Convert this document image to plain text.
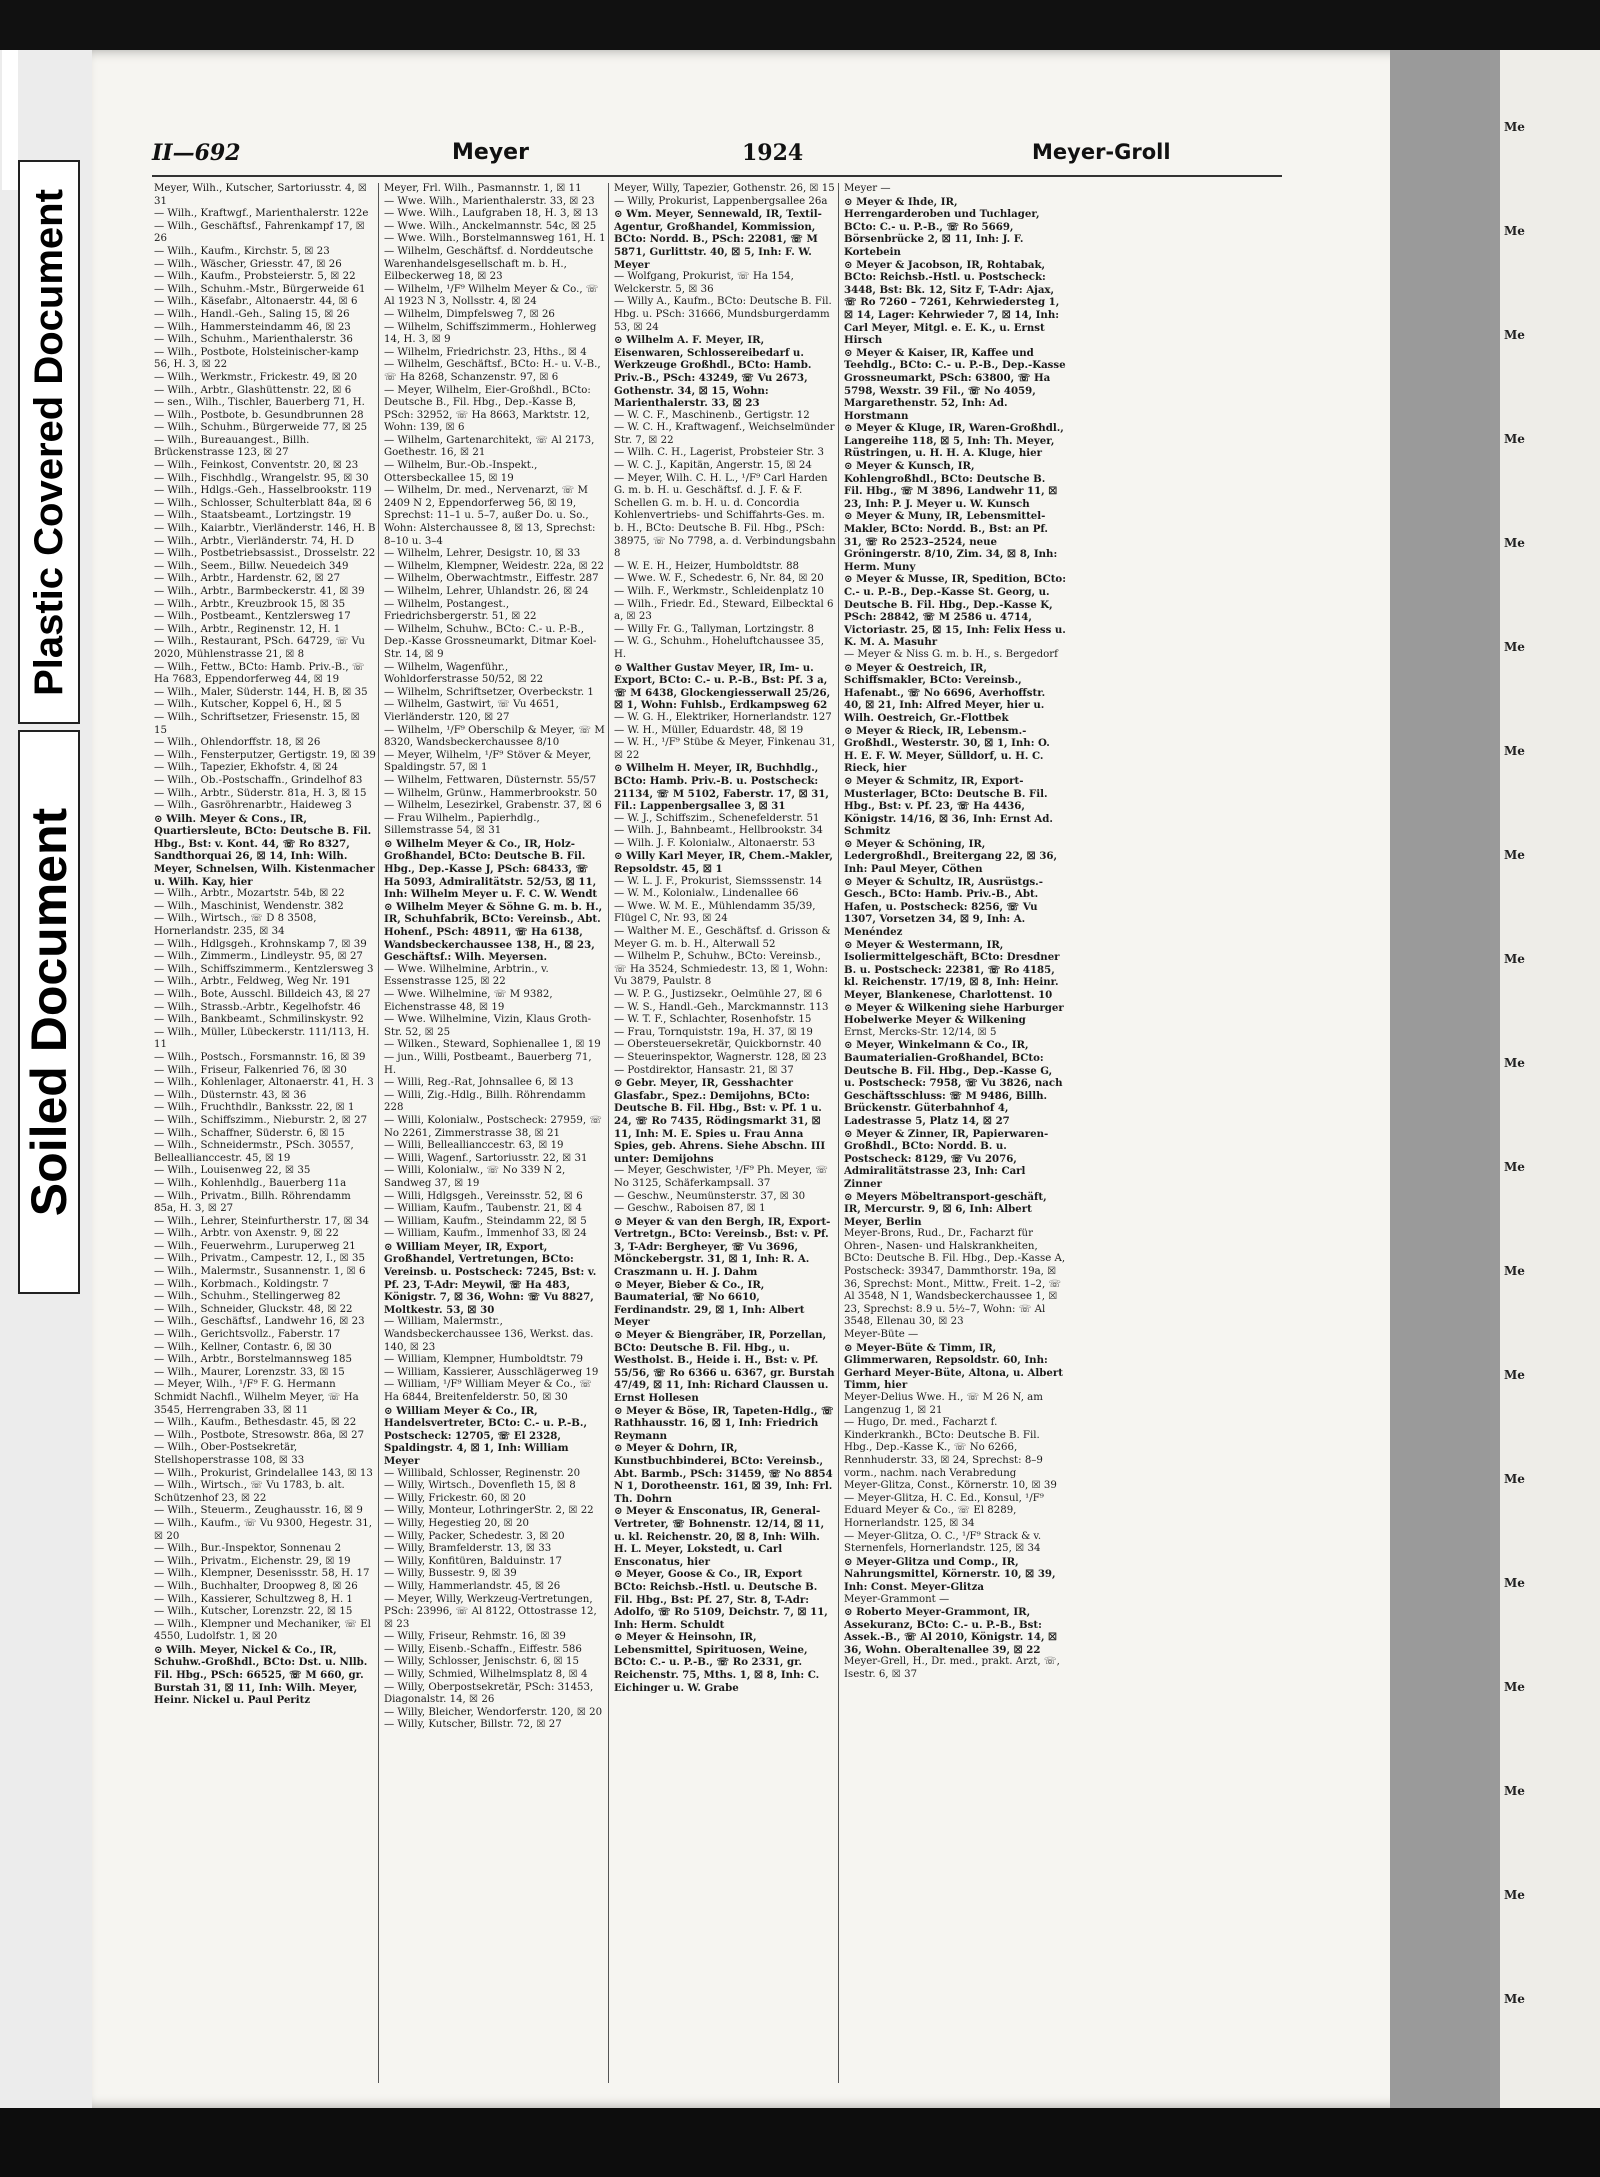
Plastic Covered Document
Soiled Document
II—692	Meyer	1924	Meyer-Groll

Meyer, Wilh., Kutscher, Sartoriusstr. 4, ☒ 31

— Wilh., Kraftwgf., Marienthalerstr. 122e

— Wilh., Geschäftsf., Fahrenkampf 17, ☒ 26

— Wilh., Kaufm., Kirchstr. 5, ☒ 23

— Wilh., Wäscher, Griesstr. 47, ☒ 26

— Wilh., Kaufm., Probsteierstr. 5, ☒ 22

— Wilh., Schuhm.-Mstr., Bürgerweide 61

— Wilh., Käsefabr., Altonaerstr. 44, ☒ 6

— Wilh., Handl.-Geh., Saling 15, ☒ 26

— Wilh., Hammersteindamm 46, ☒ 23

— Wilh., Schuhm., Marienthalerstr. 36

— Wilh., Postbote, Holsteinischer-kamp 56, H. 3, ☒ 22

— Wilh., Werkmstr., Frickestr. 49, ☒ 20

— Wilh., Arbtr., Glashüttenstr. 22, ☒ 6

— sen., Wilh., Tischler, Bauerberg 71, H.

— Wilh., Postbote, b. Gesundbrunnen 28

— Wilh., Schuhm., Bürgerweide 77, ☒ 25

— Wilh., Bureauangest., Billh. Brückenstrasse 123, ☒ 27

— Wilh., Feinkost, Conventstr. 20, ☒ 23

— Wilh., Fischhdlg., Wrangelstr. 95, ☒ 30

— Wilh., Hdlgs.-Geh., Hasselbrookstr. 119

— Wilh., Schlosser, Schulterblatt 84a, ☒ 6

— Wilh., Staatsbeamt., Lortzingstr. 19

— Wilh., Kaiarbtr., Vierländerstr. 146, H. B

— Wilh., Arbtr., Vierländerstr. 74, H. D

— Wilh., Postbetriebsassist., Drosselstr. 22

— Wilh., Seem., Billw. Neuedeich 349

— Wilh., Arbtr., Hardenstr. 62, ☒ 27

— Wilh., Arbtr., Barmbeckerstr. 41, ☒ 39

— Wilh., Arbtr., Kreuzbrook 15, ☒ 35

— Wilh., Postbeamt., Kentzlersweg 17

— Wilh., Arbtr., Reginenstr. 12, H. 1

— Wilh., Restaurant, PSch. 64729, ☏ Vu 2020, Mühlenstrasse 21, ☒ 8

— Wilh., Fettw., BCto: Hamb. Priv.-B., ☏ Ha 7683, Eppendorferweg 44, ☒ 19

— Wilh., Maler, Süderstr. 144, H. B, ☒ 35

— Wilh., Kutscher, Koppel 6, H., ☒ 5

— Wilh., Schriftsetzer, Friesenstr. 15, ☒ 15

— Wilh., Ohlendorffstr. 18, ☒ 26

— Wilh., Fensterputzer, Gertigstr. 19, ☒ 39

— Wilh., Tapezier, Ekhofstr. 4, ☒ 24

— Wilh., Ob.-Postschaffn., Grindelhof 83

— Wilh., Arbtr., Süderstr. 81a, H. 3, ☒ 15

— Wilh., Gasröhrenarbtr., Haideweg 3

⊙ Wilh. Meyer & Cons., IR, Quartiersleute, BCto: Deutsche B. Fil. Hbg., Bst: v. Kont. 44, ☏ Ro 8327, Sandthorquai 26, ☒ 14, Inh: Wilh. Meyer, Schnelsen, Wilh. Kistenmacher u. Wilh. Kay, hier

— Wilh., Arbtr., Mozartstr. 54b, ☒ 22

— Wilh., Maschinist, Wendenstr. 382

— Wilh., Wirtsch., ☏ D 8 3508, Hornerlandstr. 235, ☒ 34

— Wilh., Hdlgsgeh., Krohnskamp 7, ☒ 39

— Wilh., Zimmerm., Lindleystr. 95, ☒ 27

— Wilh., Schiffszimmerm., Kentzlersweg 3

— Wilh., Arbtr., Feldweg, Weg Nr. 191

— Wilh., Bote, Ausschl. Billdeich 43, ☒ 27

— Wilh., Strassb.-Arbtr., Kegelhofstr. 46

— Wilh., Bankbeamt., Schmilinskystr. 92

— Wilh., Müller, Lübeckerstr. 111/113, H. 11

— Wilh., Postsch., Forsmannstr. 16, ☒ 39

— Wilh., Friseur, Falkenried 76, ☒ 30

— Wilh., Kohlenlager, Altonaerstr. 41, H. 3

— Wilh., Düsternstr. 43, ☒ 36

— Wilh., Fruchthdlr., Banksstr. 22, ☒ 1

— Wilh., Schiffszimm., Nieburstr. 2, ☒ 27

— Wilh., Schaffner, Süderstr. 6, ☒ 15

— Wilh., Schneidermstr., PSch. 30557, Belleallianccestr. 45, ☒ 19

— Wilh., Louisenweg 22, ☒ 35

— Wilh., Kohlenhdlg., Bauerberg 11a

— Wilh., Privatm., Billh. Röhrendamm 85a, H. 3, ☒ 27

— Wilh., Lehrer, Steinfurtherstr. 17, ☒ 34

— Wilh., Arbtr. von Axenstr. 9, ☒ 22

— Wilh., Feuerwehrm., Luruperweg 21

— Wilh., Privatm., Campestr. 12, I., ☒ 35

— Wilh., Malermstr., Susannenstr. 1, ☒ 6

— Wilh., Korbmach., Koldingstr. 7

— Wilh., Schuhm., Stellingerweg 82

— Wilh., Schneider, Gluckstr. 48, ☒ 22

— Wilh., Geschäftsf., Landwehr 16, ☒ 23

— Wilh., Gerichtsvollz., Faberstr. 17

— Wilh., Kellner, Contastr. 6, ☒ 30

— Wilh., Arbtr., Borstelmannsweg 185

— Wilh., Maurer, Lorenzstr. 33, ☒ 15

— Meyer, Wilh., ¹/F⁹ F. G. Hermann Schmidt Nachfl., Wilhelm Meyer, ☏ Ha 3545, Herrengraben 33, ☒ 11

— Wilh., Kaufm., Bethesdastr. 45, ☒ 22

— Wilh., Postbote, Stresowstr. 86a, ☒ 27

— Wilh., Ober-Postsekretär, Stellshoperstrasse 108, ☒ 33

— Wilh., Prokurist, Grindelallee 143, ☒ 13

— Wilh., Wirtsch., ☏ Vu 1783, b. alt. Schützenhof 23, ☒ 22

— Wilh., Steuerm., Zeughausstr. 16, ☒ 9

— Wilh., Kaufm., ☏ Vu 9300, Hegestr. 31, ☒ 20

— Wilh., Bur.-Inspektor, Sonnenau 2

— Wilh., Privatm., Eichenstr. 29, ☒ 19

— Wilh., Klempner, Desenissstr. 58, H. 17

— Wilh., Buchhalter, Droopweg 8, ☒ 26

— Wilh., Kassierer, Schultzweg 8, H. 1

— Wilh., Kutscher, Lorenzstr. 22, ☒ 15

— Wilh., Klempner und Mechaniker, ☏ El 4550, Ludolfstr. 1, ☒ 20

⊙ Wilh. Meyer, Nickel & Co., IR, Schuhw.-Großhdl., BCto: Dst. u. Nllb. Fil. Hbg., PSch: 66525, ☏ M 660, gr. Burstah 31, ☒ 11, Inh: Wilh. Meyer, Heinr. Nickel u. Paul Peritz

Meyer, Frl. Wilh., Pasmannstr. 1, ☒ 11

— Wwe. Wilh., Marienthalerstr. 33, ☒ 23

— Wwe. Wilh., Laufgraben 18, H. 3, ☒ 13

— Wwe. Wilh., Anckelmannstr. 54c, ☒ 25

— Wwe. Wilh., Borstelmannsweg 161, H. 1

— Wilhelm, Geschäftsf. d. Norddeutsche Warenhandelsgesellschaft m. b. H., Eilbeckerweg 18, ☒ 23

— Wilhelm, ¹/F⁹ Wilhelm Meyer & Co., ☏ Al 1923 N 3, Nollsstr. 4, ☒ 24

— Wilhelm, Dimpfelsweg 7, ☒ 26

— Wilhelm, Schiffszimmerm., Hohlerweg 14, H. 3, ☒ 9

— Wilhelm, Friedrichstr. 23, Hths., ☒ 4

— Wilhelm, Geschäftsf., BCto: H.- u. V.-B., ☏ Ha 8268, Schanzenstr. 97, ☒ 6

— Meyer, Wilhelm, Eier-Großhdl., BCto: Deutsche B., Fil. Hbg., Dep.-Kasse B, PSch: 32952, ☏ Ha 8663, Marktstr. 12, Wohn: 139, ☒ 6

— Wilhelm, Gartenarchitekt, ☏ Al 2173, Goethestr. 16, ☒ 21

— Wilhelm, Bur.-Ob.-Inspekt., Ottersbeckallee 15, ☒ 19

— Wilhelm, Dr. med., Nervenarzt, ☏ M 2409 N 2, Eppendorferweg 56, ☒ 19, Sprechst: 11–1 u. 5–7, außer Do. u. So., Wohn: Alsterchaussee 8, ☒ 13, Sprechst: 8–10 u. 3–4

— Wilhelm, Lehrer, Desigstr. 10, ☒ 33

— Wilhelm, Klempner, Weidestr. 22a, ☒ 22

— Wilhelm, Oberwachtmstr., Eiffestr. 287

— Wilhelm, Lehrer, Uhlandstr. 26, ☒ 24

— Wilhelm, Postangest., Friedrichsbergerstr. 51, ☒ 22

— Wilhelm, Schuhw., BCto: C.- u. P.-B., Dep.-Kasse Grossneumarkt, Ditmar Koel-Str. 14, ☒ 9

— Wilhelm, Wagenführ., Wohldorferstrasse 50/52, ☒ 22

— Wilhelm, Schriftsetzer, Overbeckstr. 1

— Wilhelm, Gastwirt, ☏ Vu 4651, Vierländerstr. 120, ☒ 27

— Wilhelm, ¹/F⁹ Oberschilp & Meyer, ☏ M 8320, Wandsbeckerchaussee 8/10

— Meyer, Wilhelm, ¹/F⁹ Stöver & Meyer, Spaldingstr. 57, ☒ 1

— Wilhelm, Fettwaren, Düsternstr. 55/57

— Wilhelm, Grünw., Hammerbrookstr. 50

— Wilhelm, Lesezirkel, Grabenstr. 37, ☒ 6

— Frau Wilhelm., Papierhdlg., Sillemstrasse 54, ☒ 31

⊙ Wilhelm Meyer & Co., IR, Holz-Großhandel, BCto: Deutsche B. Fil. Hbg., Dep.-Kasse J, PSch: 68433, ☏ Ha 5093, Admiralitätstr. 52/53, ☒ 11, Inh: Wilhelm Meyer u. F. C. W. Wendt

⊙ Wilhelm Meyer & Söhne G. m. b. H., IR, Schuhfabrik, BCto: Vereinsb., Abt. Hohenf., PSch: 48911, ☏ Ha 6138, Wandsbeckerchaussee 138, H., ☒ 23, Geschäftsf.: Wilh. Meyersen.

— Wwe. Wilhelmine, Arbtrin., v. Essenstrasse 125, ☒ 22

— Wwe. Wilhelmine, ☏ M 9382, Eichenstrasse 48, ☒ 19

— Wwe. Wilhelmine, Vizin, Klaus Groth-Str. 52, ☒ 25

— Wilken., Steward, Sophienallee 1, ☒ 19

— jun., Willi, Postbeamt., Bauerberg 71, H.

— Willi, Reg.-Rat, Johnsallee 6, ☒ 13

— Willi, Zig.-Hdlg., Billh. Röhrendamm 228

— Willi, Kolonialw., Postscheck: 27959, ☏ No 2261, Zimmerstrasse 38, ☒ 21

— Willi, Belleallianccestr. 63, ☒ 19

— Willi, Wagenf., Sartoriusstr. 22, ☒ 31

— Willi, Kolonialw., ☏ No 339 N 2, Sandweg 37, ☒ 19

— Willi, Hdlgsgeh., Vereinsstr. 52, ☒ 6

— William, Kaufm., Taubenstr. 21, ☒ 4

— William, Kaufm., Steindamm 22, ☒ 5

— William, Kaufm., Immenhof 33, ☒ 24

⊙ William Meyer, IR, Export, Großhandel, Vertretungen, BCto: Vereinsb. u. Postscheck: 7245, Bst: v. Pf. 23, T-Adr: Meywil, ☏ Ha 483, Königstr. 7, ☒ 36, Wohn: ☏ Vu 8827, Moltkestr. 53, ☒ 30

— William, Malermstr., Wandsbeckerchaussee 136, Werkst. das. 140, ☒ 23

— William, Klempner, Humboldtstr. 79

— William, Kassierer, Ausschlägerweg 19

— William, ¹/F⁹ William Meyer & Co., ☏ Ha 6844, Breitenfelderstr. 50, ☒ 30

⊙ William Meyer & Co., IR, Handelsvertreter, BCto: C.- u. P.-B., Postscheck: 12705, ☏ El 2328, Spaldingstr. 4, ☒ 1, Inh: William Meyer

— Willibald, Schlosser, Reginenstr. 20

— Willy, Wirtsch., Dovenfleth 15, ☒ 8

— Willy, Frickestr. 60, ☒ 20

— Willy, Monteur, LothringerStr. 2, ☒ 22

— Willy, Hegestieg 20, ☒ 20

— Willy, Packer, Schedestr. 3, ☒ 20

— Willy, Bramfelderstr. 13, ☒ 33

— Willy, Konfitüren, Balduinstr. 17

— Willy, Bussestr. 9, ☒ 39

— Willy, Hammerlandstr. 45, ☒ 26

— Meyer, Willy, Werkzeug-Vertretungen, PSch: 23996, ☏ Al 8122, Ottostrasse 12, ☒ 23

— Willy, Friseur, Rehmstr. 16, ☒ 39

— Willy, Eisenb.-Schaffn., Eiffestr. 586

— Willy, Schlosser, Jenischstr. 6, ☒ 15

— Willy, Schmied, Wilhelmsplatz 8, ☒ 4

— Willy, Oberpostsekretär, PSch: 31453, Diagonalstr. 14, ☒ 26

— Willy, Bleicher, Wendorferstr. 120, ☒ 20

— Willy, Kutscher, Billstr. 72, ☒ 27

Meyer, Willy, Tapezier, Gothenstr. 26, ☒ 15

— Willy, Prokurist, Lappenbergsallee 26a

⊙ Wm. Meyer, Sennewald, IR, Textil-Agentur, Großhandel, Kommission, BCto: Nordd. B., PSch: 22081, ☏ M 5871, Gurlittstr. 40, ☒ 5, Inh: F. W. Meyer

— Wolfgang, Prokurist, ☏ Ha 154, Welckerstr. 5, ☒ 36

— Willy A., Kaufm., BCto: Deutsche B. Fil. Hbg. u. PSch: 31666, Mundsburgerdamm 53, ☒ 24

⊙ Wilhelm A. F. Meyer, IR, Eisenwaren, Schlossereibedarf u. Werkzeuge Großhdl., BCto: Hamb. Priv.-B., PSch: 43249, ☏ Vu 2673, Gothenstr. 34, ☒ 15, Wohn: Marienthalerstr. 33, ☒ 23

— W. C. F., Maschinenb., Gertigstr. 12

— W. C. H., Kraftwagenf., Weichselmünder Str. 7, ☒ 22

— Wilh. C. H., Lagerist, Probsteier Str. 3

— W. C. J., Kapitän, Angerstr. 15, ☒ 24

— Meyer, Wilh. C. H. L., ¹/F⁹ Carl Harden G. m. b. H. u. Geschäftsf. d. J. F. & F. Schellen G. m. b. H. u. d. Concordia Kohlenvertriebs- und Schiffahrts-Ges. m. b. H., BCto: Deutsche B. Fil. Hbg., PSch: 38975, ☏ No 7798, a. d. Verbindungsbahn 8

— W. E. H., Heizer, Humboldtstr. 88

— Wwe. W. F., Schedestr. 6, Nr. 84, ☒ 20

— Wilh. F., Werkmstr., Schleidenplatz 10

— Wilh., Friedr. Ed., Steward, Eilbecktal 6 a, ☒ 23

— Willy Fr. G., Tallyman, Lortzingstr. 8

— W. G., Schuhm., Hoheluftchaussee 35, H.

⊙ Walther Gustav Meyer, IR, Im- u. Export, BCto: C.- u. P.-B., Bst: Pf. 3 a, ☏ M 6438, Glockengiesserwall 25/26, ☒ 1, Wohn: Fuhlsb., Erdkampsweg 62

— W. G. H., Elektriker, Hornerlandstr. 127

— W. H., Müller, Eduardstr. 48, ☒ 19

— W. H., ¹/F⁹ Stübe & Meyer, Finkenau 31, ☒ 22

⊙ Wilhelm H. Meyer, IR, Buchhdlg., BCto: Hamb. Priv.-B. u. Postscheck: 21134, ☏ M 5102, Faberstr. 17, ☒ 31, Fil.: Lappenbergsallee 3, ☒ 31

— W. J., Schiffszim., Schenefelderstr. 51

— Wilh. J., Bahnbeamt., Hellbrookstr. 34

— Wilh. J. F. Kolonialw., Altonaerstr. 53

⊙ Willy Karl Meyer, IR, Chem.-Makler, Repsoldstr. 45, ☒ 1

— W. L. J. F., Prokurist, Siemsssenstr. 14

— W. M., Kolonialw., Lindenallee 66

— Wwe. W. M. E., Mühlendamm 35/39, Flügel C, Nr. 93, ☒ 24

— Walther M. E., Geschäftsf. d. Grisson & Meyer G. m. b. H., Alterwall 52

— Wilhelm P., Schuhw., BCto: Vereinsb., ☏ Ha 3524, Schmiedestr. 13, ☒ 1, Wohn: Vu 3879, Paulstr. 8

— W. P. G., Justizsekr., Oelmühle 27, ☒ 6

— W. S., Handl.-Geh., Marckmannstr. 113

— W. T. F., Schlachter, Rosenhofstr. 15

— Frau, Tornquiststr. 19a, H. 37, ☒ 19

— Obersteuersekretär, Quickbornstr. 40

— Steuerinspektor, Wagnerstr. 128, ☒ 23

— Postdirektor, Hansastr. 21, ☒ 37

⊙ Gebr. Meyer, IR, Gesshachter Glasfabr., Spez.: Demijohns, BCto: Deutsche B. Fil. Hbg., Bst: v. Pf. 1 u. 24, ☏ Ro 7435, Rödingsmarkt 31, ☒ 11, Inh: M. E. Spies u. Frau Anna Spies, geb. Ahrens. Siehe Abschn. III unter: Demijohns

— Meyer, Geschwister, ¹/F⁹ Ph. Meyer, ☏ No 3125, Schäferkampsall. 37

— Geschw., Neumünsterstr. 37, ☒ 30

— Geschw., Raboisen 87, ☒ 1

⊙ Meyer & van den Bergh, IR, Export-Vertretgn., BCto: Vereinsb., Bst: v. Pf. 3, T-Adr: Bergheyer, ☏ Vu 3696, Mönckebergstr. 31, ☒ 1, Inh: R. A. Craszmann u. H. J. Dahm

⊙ Meyer, Bieber & Co., IR, Baumaterial, ☏ No 6610, Ferdinandstr. 29, ☒ 1, Inh: Albert Meyer

⊙ Meyer & Biengräber, IR, Porzellan, BCto: Deutsche B. Fil. Hbg., u. Westholst. B., Heide i. H., Bst: v. Pf. 55/56, ☏ Ro 6366 u. 6367, gr. Burstah 47/49, ☒ 11, Inh: Richard Claussen u. Ernst Hollesen

⊙ Meyer & Böse, IR, Tapeten-Hdlg., ☏ Rathhausstr. 16, ☒ 1, Inh: Friedrich Reymann

⊙ Meyer & Dohrn, IR, Kunstbuchbinderei, BCto: Vereinsb., Abt. Barmb., PSch: 31459, ☏ No 8854 N 1, Dorotheenstr. 161, ☒ 39, Inh: Frl. Th. Dohrn

⊙ Meyer & Ensconatus, IR, General-Vertreter, ☏ Bohnenstr. 12/14, ☒ 11, u. kl. Reichenstr. 20, ☒ 8, Inh: Wilh. H. L. Meyer, Lokstedt, u. Carl Ensconatus, hier

⊙ Meyer, Goose & Co., IR, Export BCto: Reichsb.-Hstl. u. Deutsche B. Fil. Hbg., Bst: Pf. 27, Str. 8, T-Adr: Adolfo, ☏ Ro 5109, Deichstr. 7, ☒ 11, Inh: Herm. Schuldt

⊙ Meyer & Heinsohn, IR, Lebensmittel, Spirituosen, Weine, BCto: C.- u. P.-B., ☏ Ro 2331, gr. Reichenstr. 75, Mths. 1, ☒ 8, Inh: C. Eichinger u. W. Grabe

Meyer —

⊙ Meyer & Ihde, IR, Herrengarderoben und Tuchlager, BCto: C.- u. P.-B., ☏ Ro 5669, Börsenbrücke 2, ☒ 11, Inh: J. F. Kortebein

⊙ Meyer & Jacobson, IR, Rohtabak, BCto: Reichsb.-Hstl. u. Postscheck: 3448, Bst: Bk. 12, Sitz F, T-Adr: Ajax, ☏ Ro 7260 – 7261, Kehrwiedersteg 1, ☒ 14, Lager: Kehrwieder 7, ☒ 14, Inh: Carl Meyer, Mitgl. e. E. K., u. Ernst Hirsch

⊙ Meyer & Kaiser, IR, Kaffee und Teehdlg., BCto: C.- u. P.-B., Dep.-Kasse Grossneumarkt, PSch: 63800, ☏ Ha 5798, Wexstr. 39 Fil., ☏ No 4059, Margarethenstr. 52, Inh: Ad. Horstmann

⊙ Meyer & Kluge, IR, Waren-Großhdl., Langereihe 118, ☒ 5, Inh: Th. Meyer, Rüstringen, u. H. H. A. Kluge, hier

⊙ Meyer & Kunsch, IR, Kohlengroßhdl., BCto: Deutsche B. Fil. Hbg., ☏ M 3896, Landwehr 11, ☒ 23, Inh: P. J. Meyer u. W. Kunsch

⊙ Meyer & Muny, IR, Lebensmittel-Makler, BCto: Nordd. B., Bst: an Pf. 31, ☏ Ro 2523–2524, neue Gröningerstr. 8/10, Zim. 34, ☒ 8, Inh: Herm. Muny

⊙ Meyer & Musse, IR, Spedition, BCto: C.- u. P.-B., Dep.-Kasse St. Georg, u. Deutsche B. Fil. Hbg., Dep.-Kasse K, PSch: 28842, ☏ M 2586 u. 4714, Victoriastr. 25, ☒ 15, Inh: Felix Hess u. K. M. A. Masuhr

— Meyer & Niss G. m. b. H., s. Bergedorf

⊙ Meyer & Oestreich, IR, Schiffsmakler, BCto: Vereinsb., Hafenabt., ☏ No 6696, Averhoffstr. 40, ☒ 21, Inh: Alfred Meyer, hier u. Wilh. Oestreich, Gr.-Flottbek

⊙ Meyer & Rieck, IR, Lebensm.-Großhdl., Westerstr. 30, ☒ 1, Inh: O. H. E. F. W. Meyer, Sülldorf, u. H. C. Rieck, hier

⊙ Meyer & Schmitz, IR, Export-Musterlager, BCto: Deutsche B. Fil. Hbg., Bst: v. Pf. 23, ☏ Ha 4436, Königstr. 14/16, ☒ 36, Inh: Ernst Ad. Schmitz

⊙ Meyer & Schöning, IR, Ledergroßhdl., Breitergang 22, ☒ 36, Inh: Paul Meyer, Cöthen

⊙ Meyer & Schultz, IR, Ausrüstgs.-Gesch., BCto: Hamb. Priv.-B., Abt. Hafen, u. Postscheck: 8256, ☏ Vu 1307, Vorsetzen 34, ☒ 9, Inh: A. Menéndez

⊙ Meyer & Westermann, IR, Isoliermittelgeschäft, BCto: Dresdner B. u. Postscheck: 22381, ☏ Ro 4185, kl. Reichenstr. 17/19, ☒ 8, Inh: Heinr. Meyer, Blankenese, Charlottenst. 10

⊙ Meyer & Wilkening siehe Harburger Hobelwerke Meyer & Wilkening

Ernst, Mercks-Str. 12/14, ☒ 5

⊙ Meyer, Winkelmann & Co., IR, Baumaterialien-Großhandel, BCto: Deutsche B. Fil. Hbg., Dep.-Kasse G, u. Postscheck: 7958, ☏ Vu 3826, nach Geschäftsschluss: ☏ M 9486, Billh. Brückenstr. Güterbahnhof 4, Ladestrasse 5, Platz 14, ☒ 27

⊙ Meyer & Zinner, IR, Papierwaren-Großhdl., BCto: Nordd. B. u. Postscheck: 8129, ☏ Vu 2076, Admiralitätstrasse 23, Inh: Carl Zinner

⊙ Meyers Möbeltransport-geschäft, IR, Mercurstr. 9, ☒ 6, Inh: Albert Meyer, Berlin

Meyer-Brons, Rud., Dr., Facharzt für Ohren-, Nasen- und Halskrankheiten, BCto: Deutsche B. Fil. Hbg., Dep.-Kasse A, Postscheck: 39347, Dammthorstr. 19a, ☒ 36, Sprechst: Mont., Mittw., Freit. 1–2, ☏ Al 3548, N 1, Wandsbeckerchaussee 1, ☒ 23, Sprechst: 8.9 u. 5½–7, Wohn: ☏ Al 3548, Ellenau 30, ☒ 23

Meyer-Büte —

⊙ Meyer-Büte & Timm, IR, Glimmerwaren, Repsoldstr. 60, Inh: Gerhard Meyer-Büte, Altona, u. Albert Timm, hier

Meyer-Delius Wwe. H., ☏ M 26 N, am Langenzug 1, ☒ 21

— Hugo, Dr. med., Facharzt f. Kinderkrankh., BCto: Deutsche B. Fil. Hbg., Dep.-Kasse K., ☏ No 6266, Rennhuderstr. 33, ☒ 24, Sprechst: 8–9 vorm., nachm. nach Verabredung

Meyer-Glitza, Const., Körnerstr. 10, ☒ 39

— Meyer-Glitza, H. C. Ed., Konsul, ¹/F⁹ Eduard Meyer & Co., ☏ El 8289, Hornerlandstr. 125, ☒ 34

— Meyer-Glitza, O. C., ¹/F⁹ Strack & v. Sternenfels, Hornerlandstr. 125, ☒ 34

⊙ Meyer-Glitza und Comp., IR, Nahrungsmittel, Körnerstr. 10, ☒ 39, Inh: Const. Meyer-Glitza

Meyer-Grammont —

⊙ Roberto Meyer-Grammont, IR, Assekuranz, BCto: C.- u. P.-B., Bst: Assek.-B., ☏ Al 2010, Königstr. 14, ☒ 36, Wohn. Oberaltenallee 39, ☒ 22

Meyer-Grell, H., Dr. med., prakt. Arzt, ☏, Isestr. 6, ☒ 37

Me
Me
Me
Me
Me
Me
Me
Me
Me
Me
Me
Me
Me
Me
Me
Me
Me
Me
Me
